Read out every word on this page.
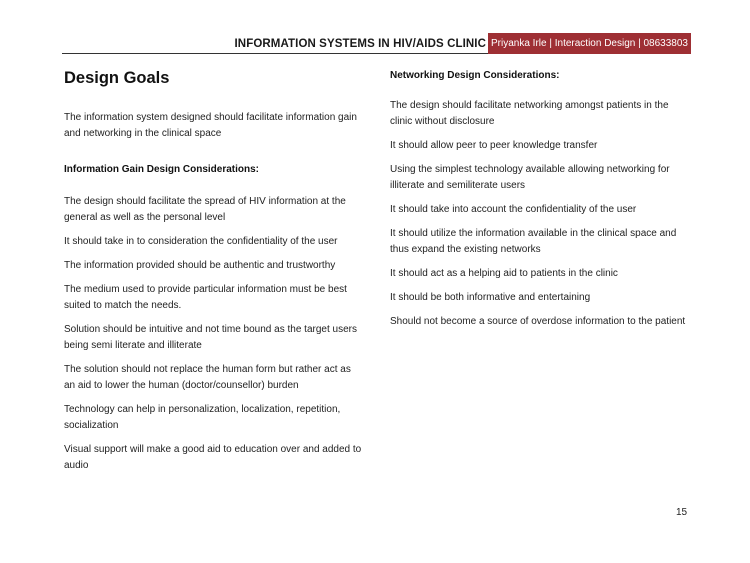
INFORMATION SYSTEMS IN HIV/AIDS CLINIC Priyanka Irle | Interaction Design | 08633803
Design Goals
The information system designed should facilitate information gain and networking in the clinical space
Information Gain Design Considerations:
The design should facilitate the spread of HIV information at the general as well as the personal level
It should take in to consideration the confidentiality of the user
The information provided should be authentic and trustworthy
The medium used to provide particular information must be best suited to match the needs.
Solution should be intuitive and not time bound as the target users being semi literate and illiterate
The solution should not replace the human form but rather act as an aid to lower the human (doctor/counsellor) burden
Technology can help in personalization, localization, repetition, socialization
Visual support will make a good aid to education over and added to audio
Networking Design Considerations:
The design should facilitate networking amongst patients in the clinic without disclosure
It should allow peer to peer knowledge transfer
Using the simplest technology available allowing networking for illiterate and semiliterate users
It should take into account the confidentiality of the user
It should utilize the information available in the clinical space and thus expand the existing networks
It should act as a helping aid to patients in the clinic
It should be both informative and entertaining
Should not become a source of overdose information to the patient
15
